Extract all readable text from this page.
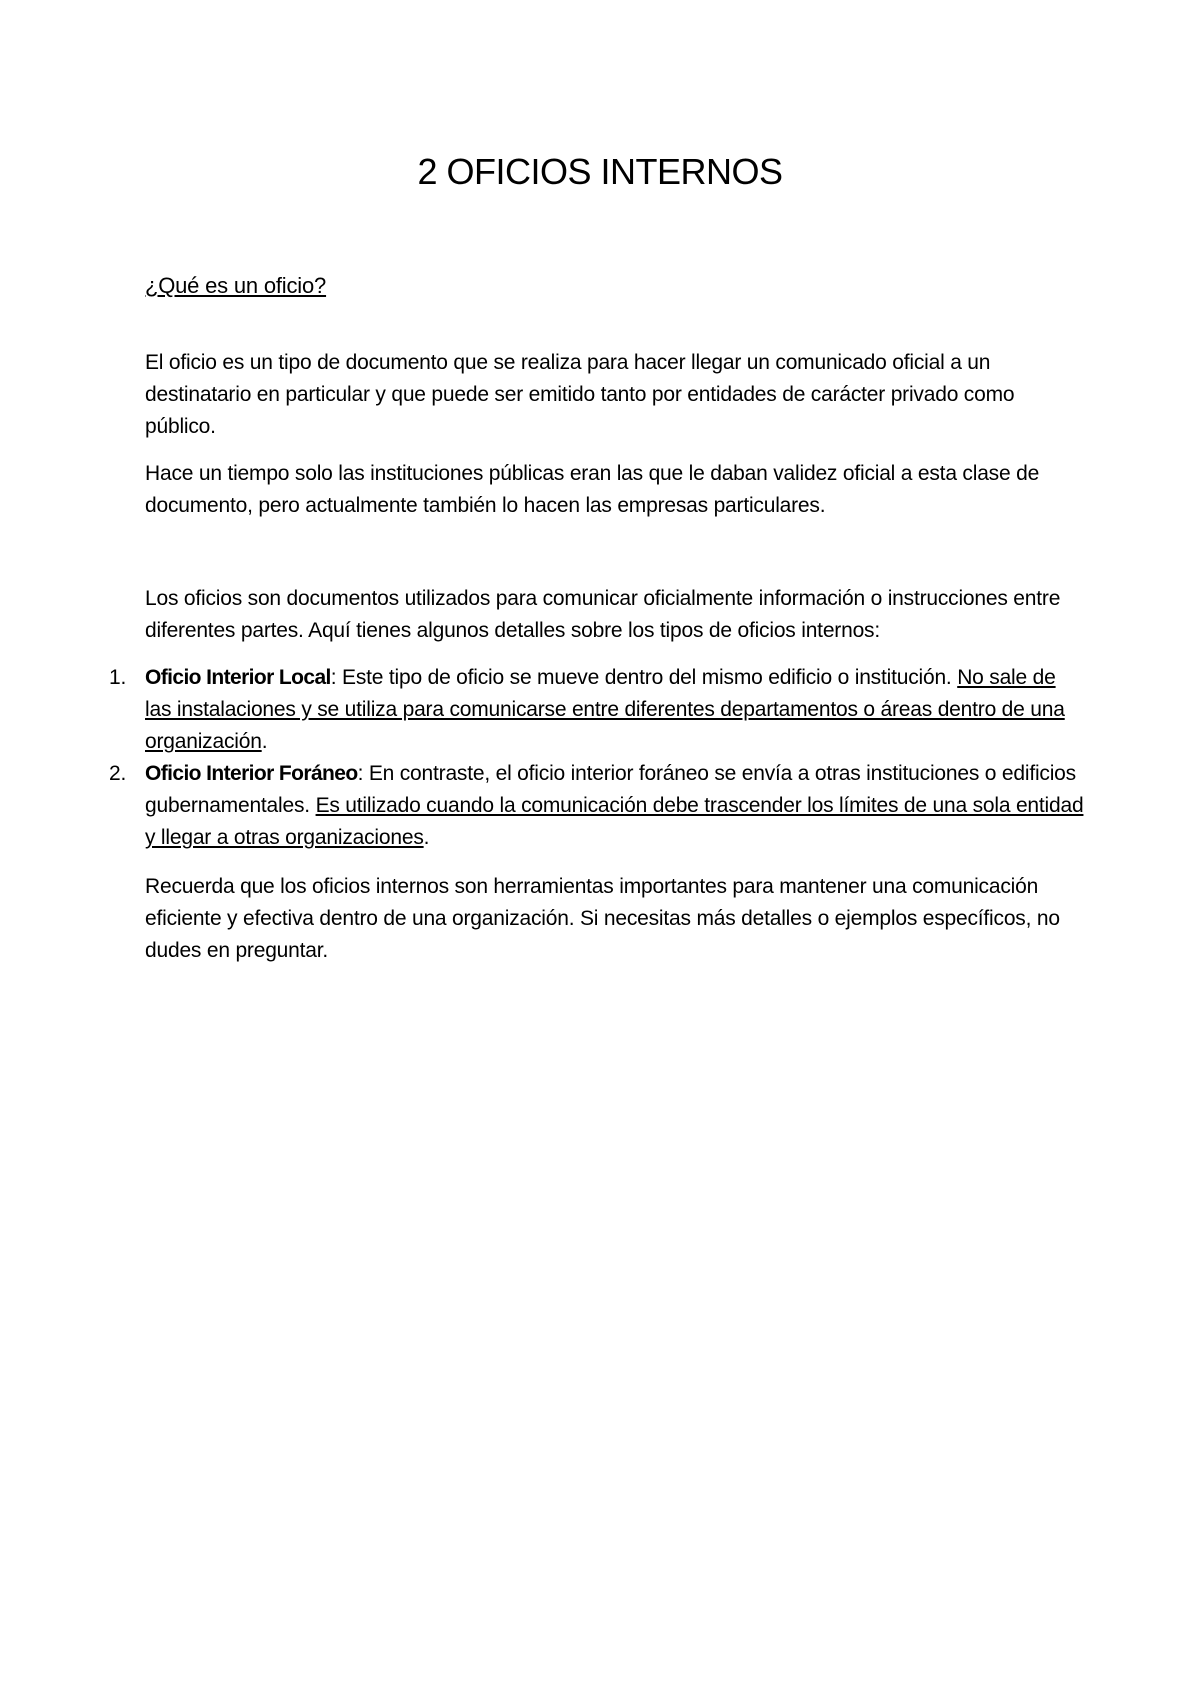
2 OFICIOS INTERNOS
¿Qué es un oficio?

El oficio es un tipo de documento que se realiza para hacer llegar un comunicado oficial a un destinatario en particular y que puede ser emitido tanto por entidades de carácter privado como público.

Hace un tiempo solo las instituciones públicas eran las que le daban validez oficial a esta clase de documento, pero actualmente también lo hacen las empresas particulares.

Los oficios son documentos utilizados para comunicar oficialmente información o instrucciones entre diferentes partes. Aquí tienes algunos detalles sobre los tipos de oficios internos:

1. Oficio Interior Local: Este tipo de oficio se mueve dentro del mismo edificio o institución. No sale de las instalaciones y se utiliza para comunicarse entre diferentes departamentos o áreas dentro de una organización.
2. Oficio Interior Foráneo: En contraste, el oficio interior foráneo se envía a otras instituciones o edificios gubernamentales. Es utilizado cuando la comunicación debe trascender los límites de una sola entidad y llegar a otras organizaciones.

Recuerda que los oficios internos son herramientas importantes para mantener una comunicación eficiente y efectiva dentro de una organización. Si necesitas más detalles o ejemplos específicos, no dudes en preguntar.
